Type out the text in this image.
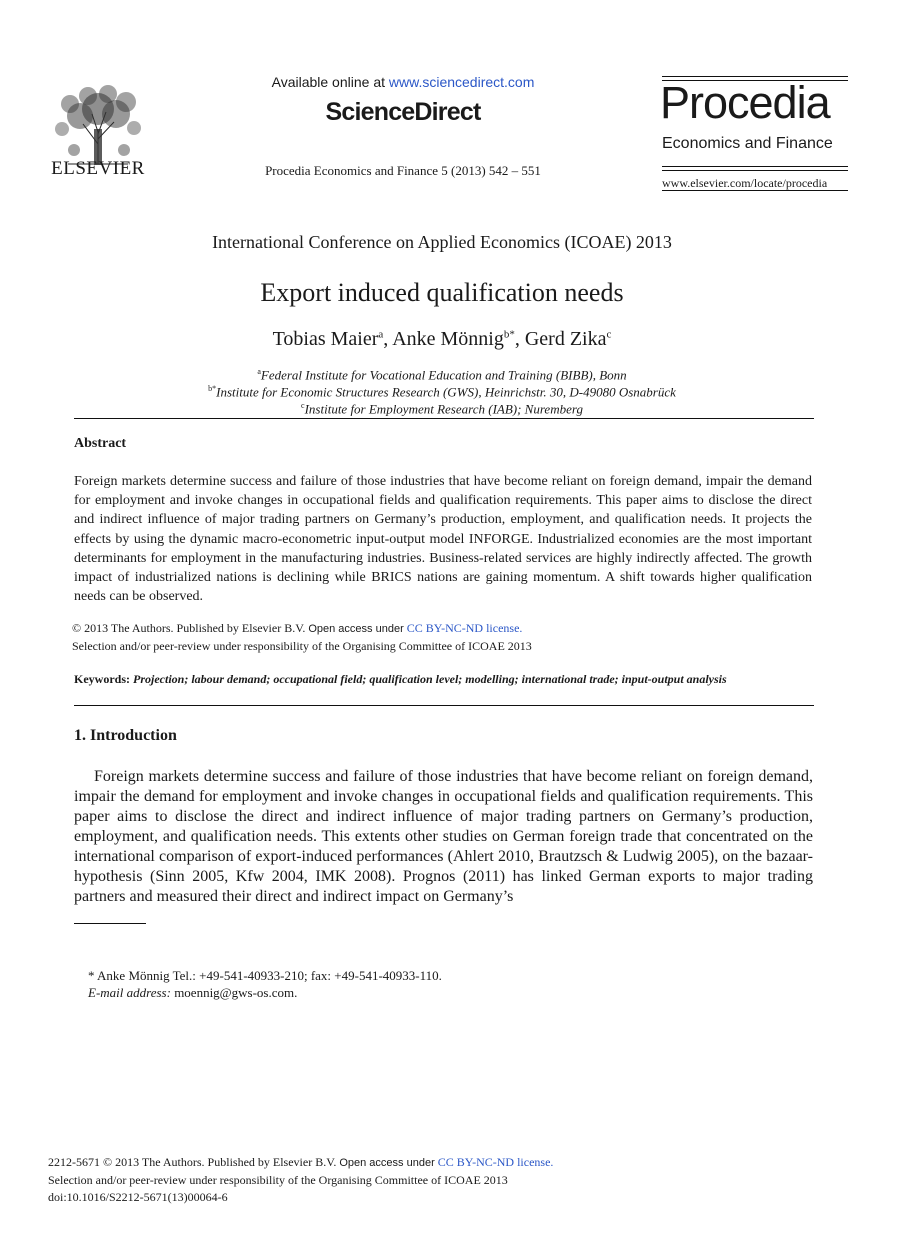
ELSEVIER
Available online at www.sciencedirect.com
ScienceDirect
Procedia Economics and Finance 5 (2013) 542 – 551
Procedia
Economics and Finance
www.elsevier.com/locate/procedia
International Conference on Applied Economics (ICOAE) 2013
Export induced qualification needs
Tobias Maier$^a$, Anke Mönnig$^{b*}$, Gerd Zika$^c$
$^a$Federal Institute for Vocational Education and Training (BIBB), Bonn
$^{b*}$Institute for Economic Structures Research (GWS), Heinrichstr. 30, D-49080 Osnabrück
$^c$Institute for Employment Research (IAB); Nuremberg
Abstract
Foreign markets determine success and failure of those industries that have become reliant on foreign demand, impair the demand for employment and invoke changes in occupational fields and qualification requirements. This paper aims to disclose the direct and indirect influence of major trading partners on Germany’s production, employment, and qualification needs. It projects the effects by using the dynamic macro-econometric input-output model INFORGE. Industrialized economies are the most important determinants for employment in the manufacturing industries. Business-related services are highly indirectly affected. The growth impact of industrialized nations is declining while BRICS nations are gaining momentum. A shift towards higher qualification needs can be observed.
© 2013 The Authors. Published by Elsevier B.V. Open access under CC BY-NC-ND license.
Selection and/or peer-review under responsibility of the Organising Committee of ICOAE 2013
Keywords: Projection; labour demand; occupational field; qualification level; modelling; international trade; input-output analysis
1. Introduction
Foreign markets determine success and failure of those industries that have become reliant on foreign demand, impair the demand for employment and invoke changes in occupational fields and qualification requirements. This paper aims to disclose the direct and indirect influence of major trading partners on Germany’s production, employment, and qualification needs. This extents other studies on German foreign trade that concentrated on the international comparison of export-induced performances (Ahlert 2010, Brautzsch & Ludwig 2005), on the bazaar-hypothesis (Sinn 2005, Kfw 2004, IMK 2008). Prognos (2011) has linked German exports to major trading partners and measured their direct and indirect impact on Germany’s
* Anke Mönnig Tel.: +49-541-40933-210; fax: +49-541-40933-110.
E-mail address: moennig@gws-os.com.
2212-5671 © 2013 The Authors. Published by Elsevier B.V. Open access under CC BY-NC-ND license.
Selection and/or peer-review under responsibility of the Organising Committee of ICOAE 2013
doi:10.1016/S2212-5671(13)00064-6
